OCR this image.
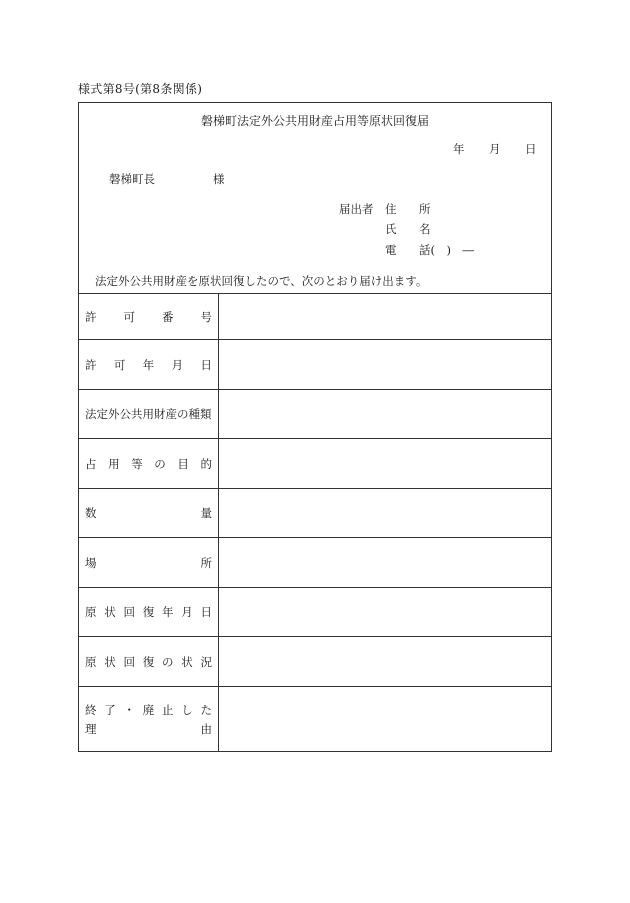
様式第8号(第8条関係)
磐梯町法定外公共用財産占用等原状回復届
年 月 日
磐梯町長	様
届出者 住 所
氏 名
電 話(　)　―
法定外公共用財産を原状回復したので、次のとおり届け出ます。
許 可 番 号
許 可 年 月 日
法定外公共用財産の種類
占 用 等 の 目 的
数	量
場	所
原 状 回 復 年 月 日
原 状 回 復 の 状 況
終 了 ・ 廃 止 し た
理	由
